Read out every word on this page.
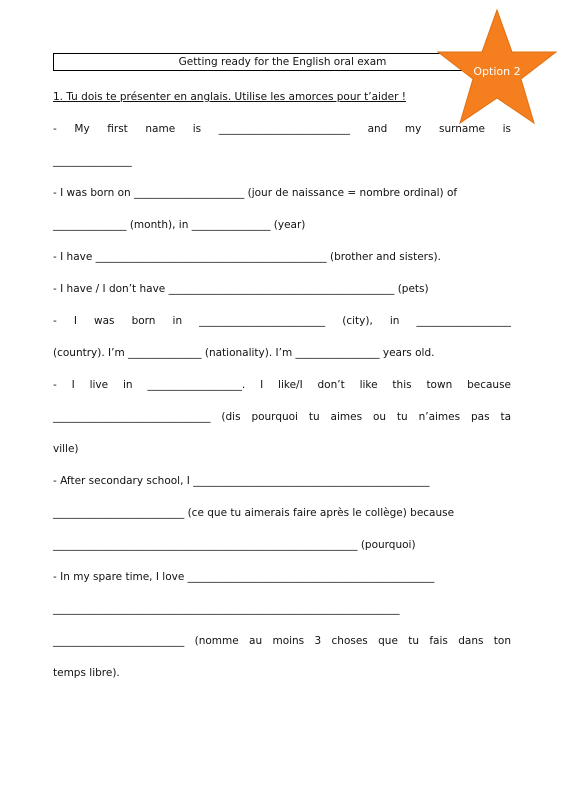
Getting ready for the English oral exam
Option 2
1. Tu dois te présenter en anglais. Utilise les amorces pour t’aider !
- My first name is _________________________ and my surname is
_______________
- I was born on _____________________ (jour de naissance = nombre ordinal) of
______________ (month), in _______________ (year)
- I have ____________________________________________ (brother and sisters).
- I have / I don’t have ___________________________________________ (pets)
- I was born in ________________________ (city), in __________________
(country). I’m ______________ (nationality). I’m ________________ years old.
- I live in __________________. I like/I don’t like this town because
______________________________ (dis pourquoi tu aimes ou tu n’aimes pas ta
ville)
- After secondary school, I _____________________________________________
_________________________ (ce que tu aimerais faire après le collège) because
__________________________________________________________ (pourquoi)
- In my spare time, I love _______________________________________________
__________________________________________________________________
_________________________ (nomme au moins 3 choses que tu fais dans ton
temps libre).
